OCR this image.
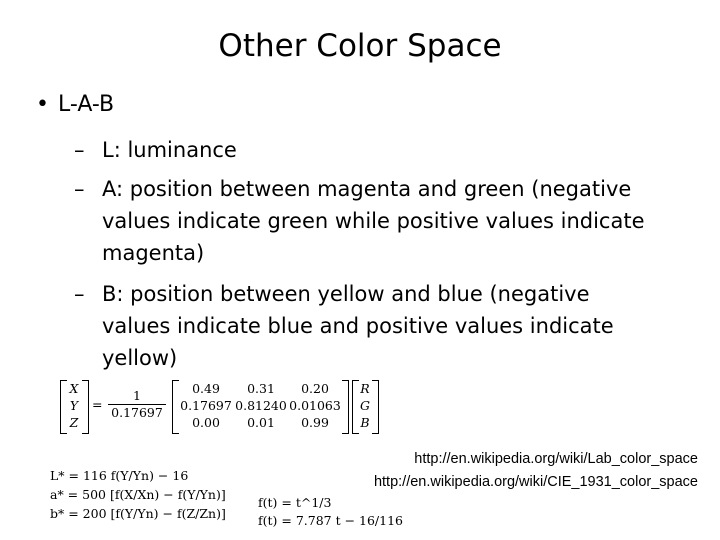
Other Color Space
• L-A-B
– L: luminance
– A: position between magenta and green (negative
values indicate green while positive values indicate
magenta)
– B: position between yellow and blue (negative
values indicate blue and positive values indicate
yellow)
X
Y
Z
= $\frac{1}{0.17697}$	0.49
0.17697
0.00
0.31
0.81240
0.01
0.20
0.01063
0.99
R
G
B
http://en.wikipedia.org/wiki/Lab_color_space
http://en.wikipedia.org/wiki/CIE_1931_color_space
L* = 116 f(Y/Yn) − 16
a* = 500 [f(X/Xn) − f(Y/Yn)]
b* = 200 [f(Y/Yn) − f(Z/Zn)]
f(t) = t^1/3
f(t) = 7.787 t − 16/116
